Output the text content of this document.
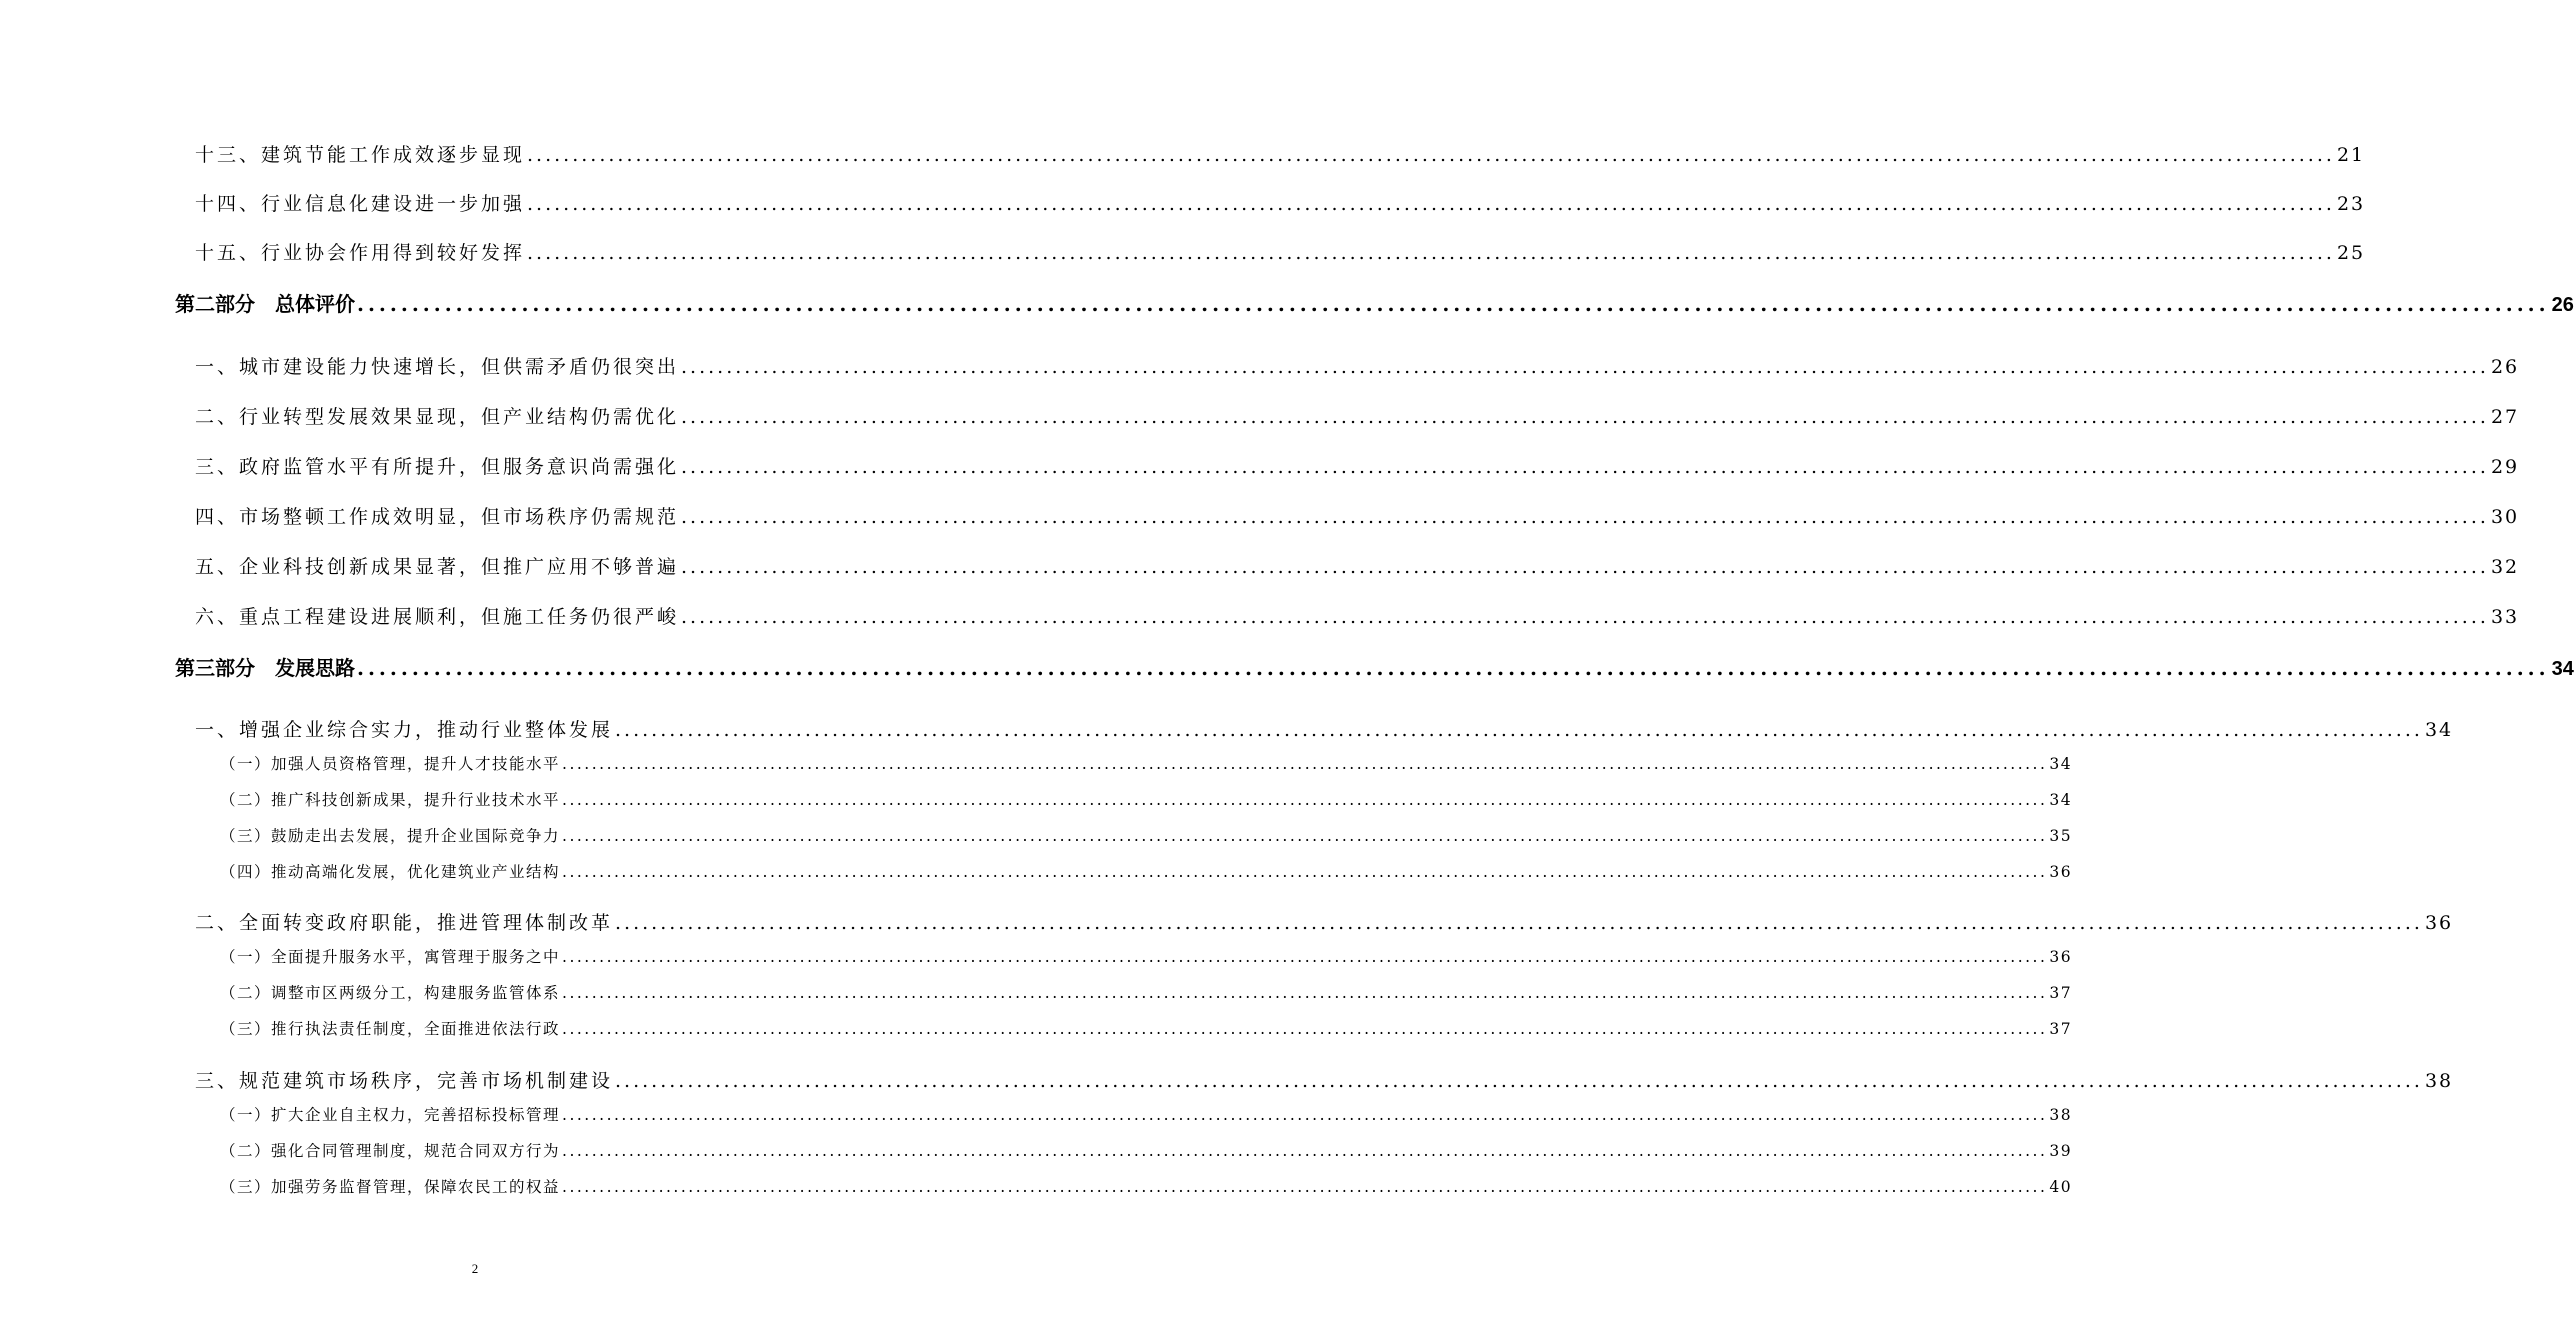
十三、建筑节能工作成效逐步显现 ........................................................................................................................................................................................................ 21
十四、行业信息化建设进一步加强 ........................................................................................................................................................................................................ 23
十五、行业协会作用得到较好发挥 ........................................................................................................................................................................................................ 25
第二部分　总体评价 ........................................................................................................................................................................................................ 26
一、城市建设能力快速增长，但供需矛盾仍很突出 ........................................................................................................................................................................................................ 26
二、行业转型发展效果显现，但产业结构仍需优化 ........................................................................................................................................................................................................ 27
三、政府监管水平有所提升，但服务意识尚需强化 ........................................................................................................................................................................................................ 29
四、市场整顿工作成效明显，但市场秩序仍需规范 ........................................................................................................................................................................................................ 30
五、企业科技创新成果显著，但推广应用不够普遍 ........................................................................................................................................................................................................ 32
六、重点工程建设进展顺利，但施工任务仍很严峻 ........................................................................................................................................................................................................ 33
第三部分　发展思路 ........................................................................................................................................................................................................ 34
一、增强企业综合实力，推动行业整体发展 ........................................................................................................................................................................................................ 34
（一）加强人员资格管理，提升人才技能水平 ........................................................................................................................................................................................................ 34
（二）推广科技创新成果，提升行业技术水平 ........................................................................................................................................................................................................ 34
（三）鼓励走出去发展，提升企业国际竞争力 ........................................................................................................................................................................................................ 35
（四）推动高端化发展，优化建筑业产业结构 ........................................................................................................................................................................................................ 36
二、全面转变政府职能，推进管理体制改革 ........................................................................................................................................................................................................ 36
（一）全面提升服务水平，寓管理于服务之中 ........................................................................................................................................................................................................ 36
（二）调整市区两级分工，构建服务监管体系 ........................................................................................................................................................................................................ 37
（三）推行执法责任制度，全面推进依法行政 ........................................................................................................................................................................................................ 37
三、规范建筑市场秩序，完善市场机制建设 ........................................................................................................................................................................................................ 38
（一）扩大企业自主权力，完善招标投标管理 ........................................................................................................................................................................................................ 38
（二）强化合同管理制度，规范合同双方行为 ........................................................................................................................................................................................................ 39
（三）加强劳务监督管理，保障农民工的权益 ........................................................................................................................................................................................................ 40
2
